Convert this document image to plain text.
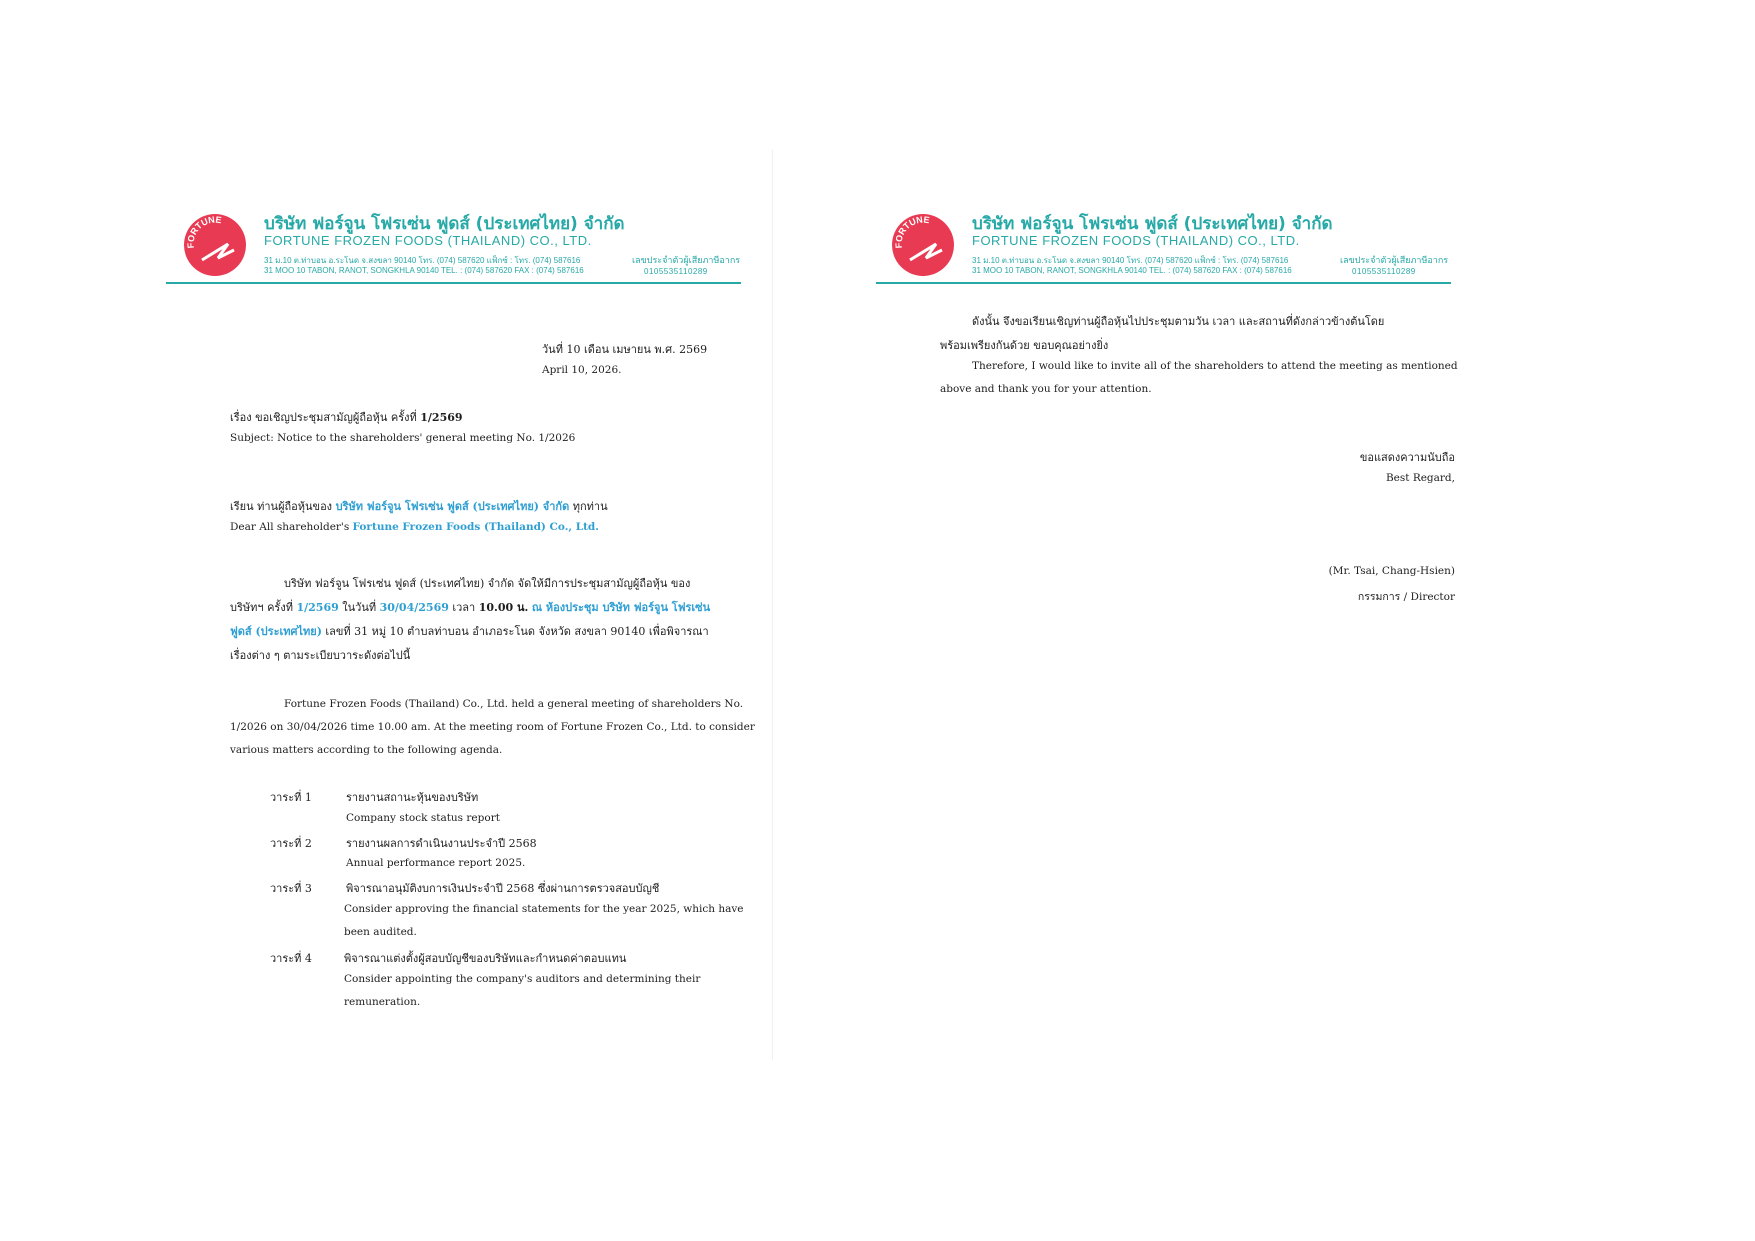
FORTUNE บริษัท ฟอร์จูน โฟรเซ่น ฟูดส์ (ประเทศไทย) จำกัด
FORTUNE FROZEN FOODS (THAILAND) CO., LTD.
31 ม.10 ต.ท่าบอน อ.ระโนด จ.สงขลา 90140 โทร. (074) 587620 แฟ็กซ์ : โทร. (074) 587616
31 MOO 10 TABON, RANOT, SONGKHLA 90140 TEL. : (074) 587620 FAX : (074) 587616
เลขประจำตัวผู้เสียภาษีอากร
0105535110289
วันที่ 10 เดือน เมษายน พ.ศ. 2569
April 10, 2026.
เรื่อง ขอเชิญประชุมสามัญผู้ถือหุ้น ครั้งที่ 1/2569
Subject: Notice to the shareholders' general meeting No. 1/2026
เรียน ท่านผู้ถือหุ้นของ บริษัท ฟอร์จูน โฟรเซ่น ฟูดส์ (ประเทศไทย) จำกัด ทุกท่าน
Dear All shareholder's Fortune Frozen Foods (Thailand) Co., Ltd.
บริษัท ฟอร์จูน โฟรเซ่น ฟูดส์ (ประเทศไทย) จำกัด จัดให้มีการประชุมสามัญผู้ถือหุ้น ของ
บริษัทฯ ครั้งที่ 1/2569 ในวันที่ 30/04/2569 เวลา 10.00 น. ณ ห้องประชุม บริษัท ฟอร์จูน โฟรเซ่น
ฟูดส์ (ประเทศไทย) เลขที่ 31 หมู่ 10 ตำบลท่าบอน อำเภอระโนด จังหวัด สงขลา 90140 เพื่อพิจารณา
เรื่องต่าง ๆ ตามระเบียบวาระดังต่อไปนี้
Fortune Frozen Foods (Thailand) Co., Ltd. held a general meeting of shareholders No.
1/2026 on 30/04/2026 time 10.00 am. At the meeting room of Fortune Frozen Co., Ltd. to consider
various matters according to the following agenda.
วาระที่ 1	รายงานสถานะหุ้นของบริษัท
Company stock status report
วาระที่ 2	รายงานผลการดำเนินงานประจำปี 2568
Annual performance report 2025.
วาระที่ 3	พิจารณาอนุมัติงบการเงินประจำปี 2568 ซึ่งผ่านการตรวจสอบบัญชี
Consider approving the financial statements for the year 2025, which have
been audited.
วาระที่ 4	พิจารณาแต่งตั้งผู้สอบบัญชีของบริษัทและกำหนดค่าตอบแทน
Consider appointing the company's auditors and determining their
remuneration.
FORTUNE บริษัท ฟอร์จูน โฟรเซ่น ฟูดส์ (ประเทศไทย) จำกัด
FORTUNE FROZEN FOODS (THAILAND) CO., LTD.
31 ม.10 ต.ท่าบอน อ.ระโนด จ.สงขลา 90140 โทร. (074) 587620 แฟ็กซ์ : โทร. (074) 587616
31 MOO 10 TABON, RANOT, SONGKHLA 90140 TEL. : (074) 587620 FAX : (074) 587616
เลขประจำตัวผู้เสียภาษีอากร
0105535110289
ดังนั้น จึงขอเรียนเชิญท่านผู้ถือหุ้นไปประชุมตามวัน เวลา และสถานที่ดังกล่าวข้างต้นโดย
พร้อมเพรียงกันด้วย ขอบคุณอย่างยิ่ง
Therefore, I would like to invite all of the shareholders to attend the meeting as mentioned
above and thank you for your attention.
ขอแสดงความนับถือ
Best Regard,
(Mr. Tsai, Chang-Hsien)
กรรมการ / Director
